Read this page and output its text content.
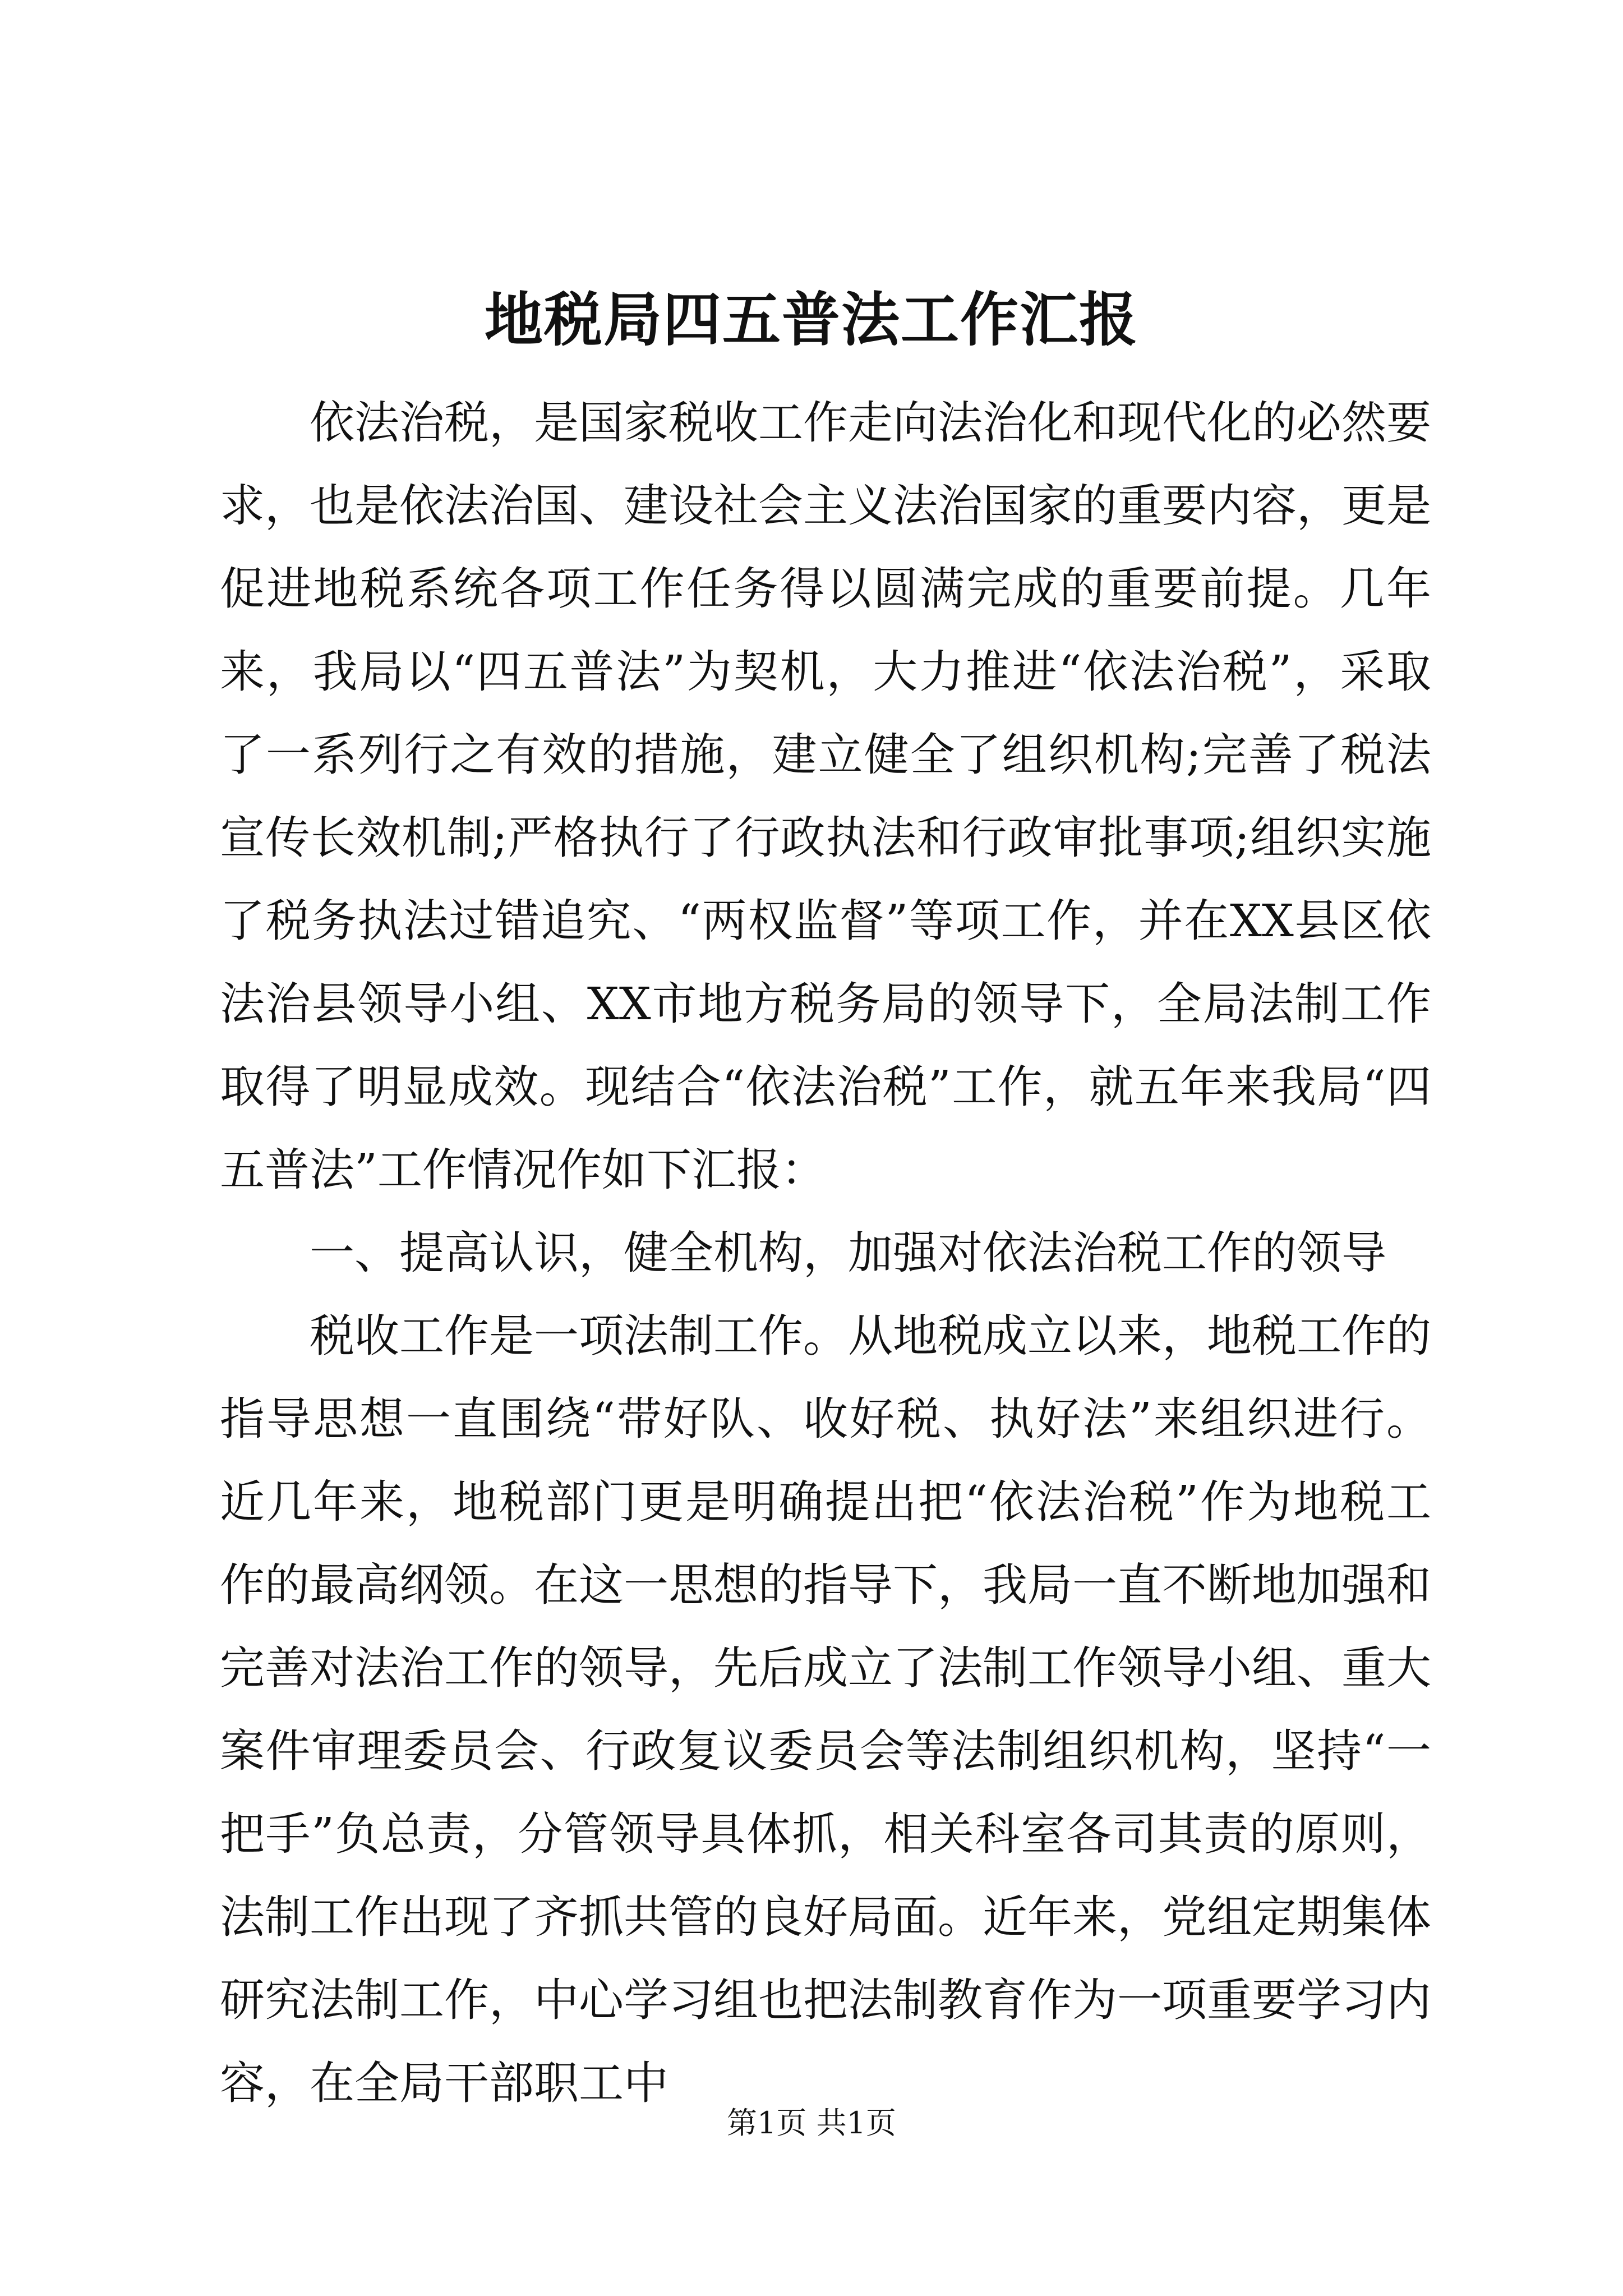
地税局四五普法工作汇报

依法治税，是国家税收工作走向法治化和现代化的必然要求，也是依法治国、建设社会主义法治国家的重要内容，更是促进地税系统各项工作任务得以圆满完成的重要前提。几年来，我局以“四五普法”为契机，大力推进“依法治税”，采取了一系列行之有效的措施，建立健全了组织机构;完善了税法宣传长效机制;严格执行了行政执法和行政审批事项;组织实施了税务执法过错追究、“两权监督”等项工作，并在XX县区依法治县领导小组、XX市地方税务局的领导下，全局法制工作取得了明显成效。现结合“依法治税”工作，就五年来我局“四五普法”工作情况作如下汇报：

一、提高认识，健全机构，加强对依法治税工作的领导

税收工作是一项法制工作。从地税成立以来，地税工作的指导思想一直围绕“带好队、收好税、执好法”来组织进行。近几年来，地税部门更是明确提出把“依法治税”作为地税工作的最高纲领。在这一思想的指导下，我局一直不断地加强和完善对法治工作的领导，先后成立了法制工作领导小组、重大案件审理委员会、行政复议委员会等法制组织机构，坚持“一把手”负总责，分管领导具体抓，相关科室各司其责的原则，法制工作出现了齐抓共管的良好局面。近年来，党组定期集体研究法制工作，中心学习组也把法制教育作为一项重要学习内容，在全局干部职工中

第1页 共1页
